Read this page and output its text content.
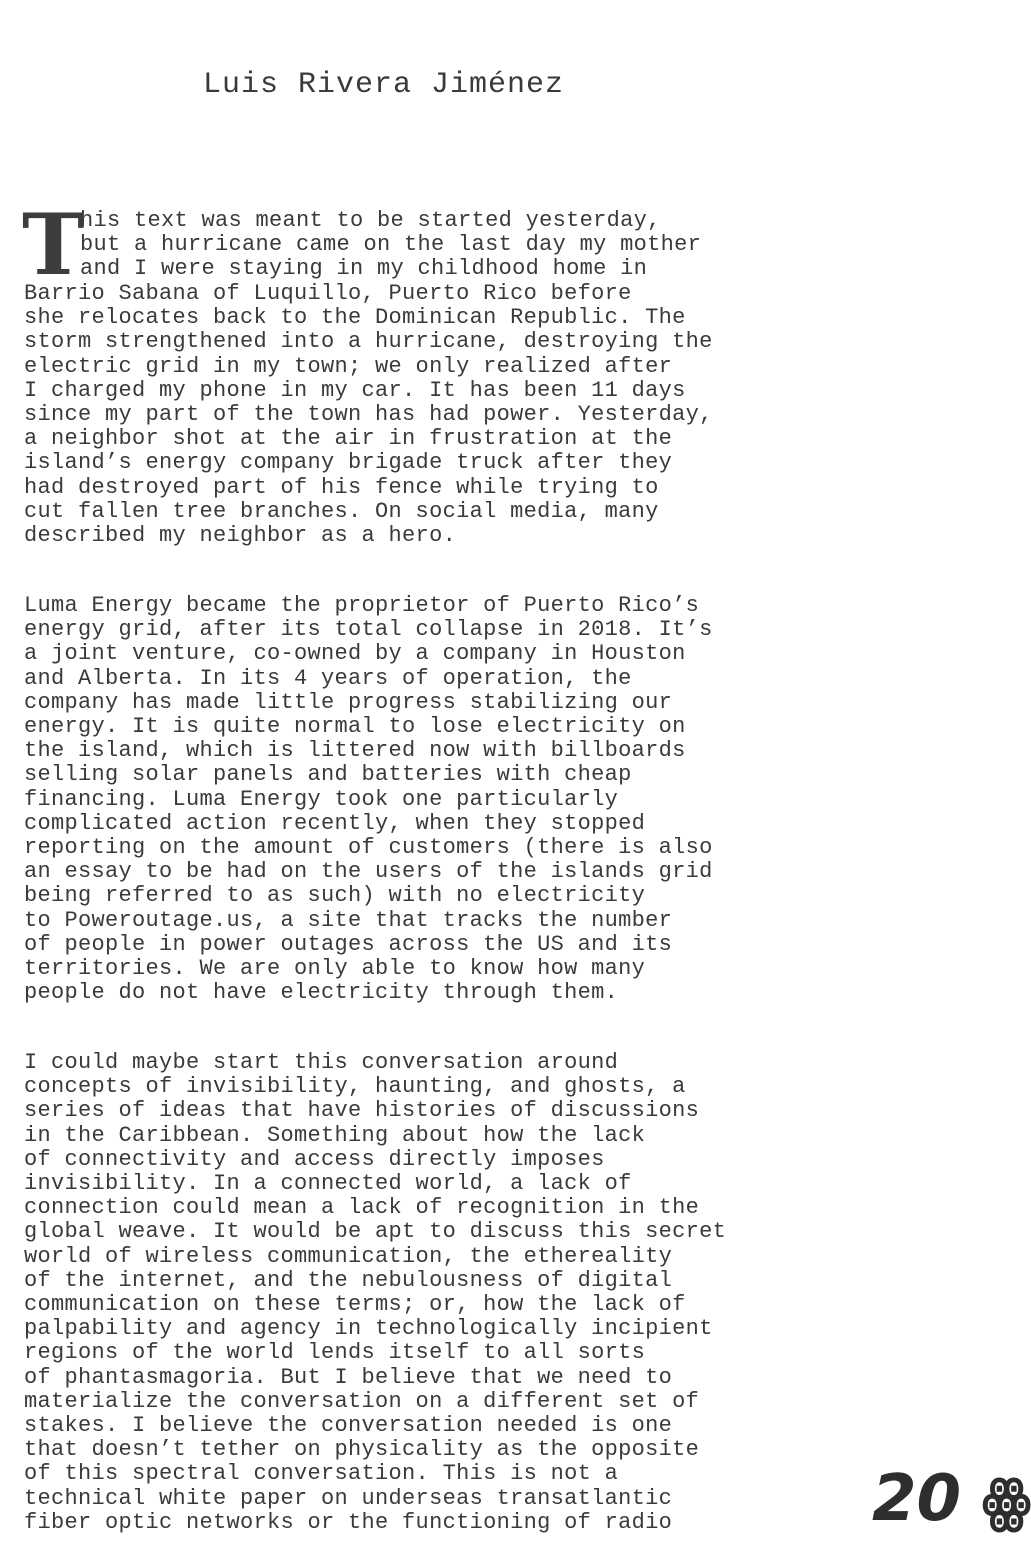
Luis Rivera Jiménez
T

his text was meant to be started yesterday,
but a hurricane came on the last day my mother
and I were staying in my childhood home in

Barrio Sabana of Luquillo, Puerto Rico before
she relocates back to the Dominican Republic. The
storm strengthened into a hurricane, destroying the
electric grid in my town; we only realized after
I charged my phone in my car. It has been 11 days
since my part of the town has had power. Yesterday,
a neighbor shot at the air in frustration at the
island’s energy company brigade truck after they
had destroyed part of his fence while trying to
cut fallen tree branches. On social media, many
described my neighbor as a hero.

Luma Energy became the proprietor of Puerto Rico’s
energy grid, after its total collapse in 2018. It’s
a joint venture, co-owned by a company in Houston
and Alberta. In its 4 years of operation, the
company has made little progress stabilizing our
energy. It is quite normal to lose electricity on
the island, which is littered now with billboards
selling solar panels and batteries with cheap
financing. Luma Energy took one particularly
complicated action recently, when they stopped
reporting on the amount of customers (there is also
an essay to be had on the users of the islands grid
being referred to as such) with no electricity
to Poweroutage.us, a site that tracks the number
of people in power outages across the US and its
territories. We are only able to know how many
people do not have electricity through them.

I could maybe start this conversation around
concepts of invisibility, haunting, and ghosts, a
series of ideas that have histories of discussions
in the Caribbean. Something about how the lack
of connectivity and access directly imposes
invisibility. In a connected world, a lack of
connection could mean a lack of recognition in the
global weave. It would be apt to discuss this secret
world of wireless communication, the ethereality
of the internet, and the nebulousness of digital
communication on these terms; or, how the lack of
palpability and agency in technologically incipient
regions of the world lends itself to all sorts
of phantasmagoria. But I believe that we need to
materialize the conversation on a different set of
stakes. I believe the conversation needed is one
that doesn’t tether on physicality as the opposite
of this spectral conversation. This is not a
technical white paper on underseas transatlantic
fiber optic networks or the functioning of radio	20 ꙮ
